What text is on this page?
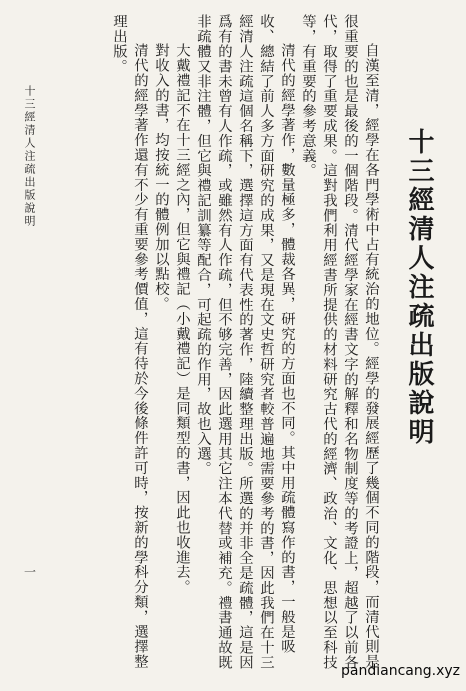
十三經清人注疏出版說明
一
十三經清人注疏出版說明

自漢至清，經學在各門學術中占有統治的地位。經學的發展經歷了幾個不同的階段，而清代則是很重要的也是最後的一個階段。清代經學家在經書文字的解釋和名物制度等的考證上，超越了以前各代，取得了重要成果。這對我們利用經書所提供的材料研究古代的經濟、政治、文化、思想以至科技等，有重要的參考意義。

清代的經學著作，數量極多，體裁各異，研究的方面也不同。其中用疏體寫作的書，一般是吸收、總結了前人多方面研究的成果，又是現在文史哲研究者較普遍地需要參考的書，因此我們在十三經清人注疏這個名稱下，選擇這方面有代表性的著作，陸續整理出版。所選的并非全是疏體，這是因爲有的書未曾有人作疏，或雖然有人作疏，但不够完善，因此選用其它注本代替或補充。禮書通故既非疏體又非注體，但它與禮記訓纂等配合，可起疏的作用，故也入選。

大戴禮記不在十三經之內，但它與禮記（小戴禮記）是同類型的書，因此也收進去。

對收入的書，均按統一的體例加以點校。

清代的經學著作還有不少有重要參考價值，這有待於今後條件許可時，按新的學科分類，選擇整理出版。

pandiancang.xyz
